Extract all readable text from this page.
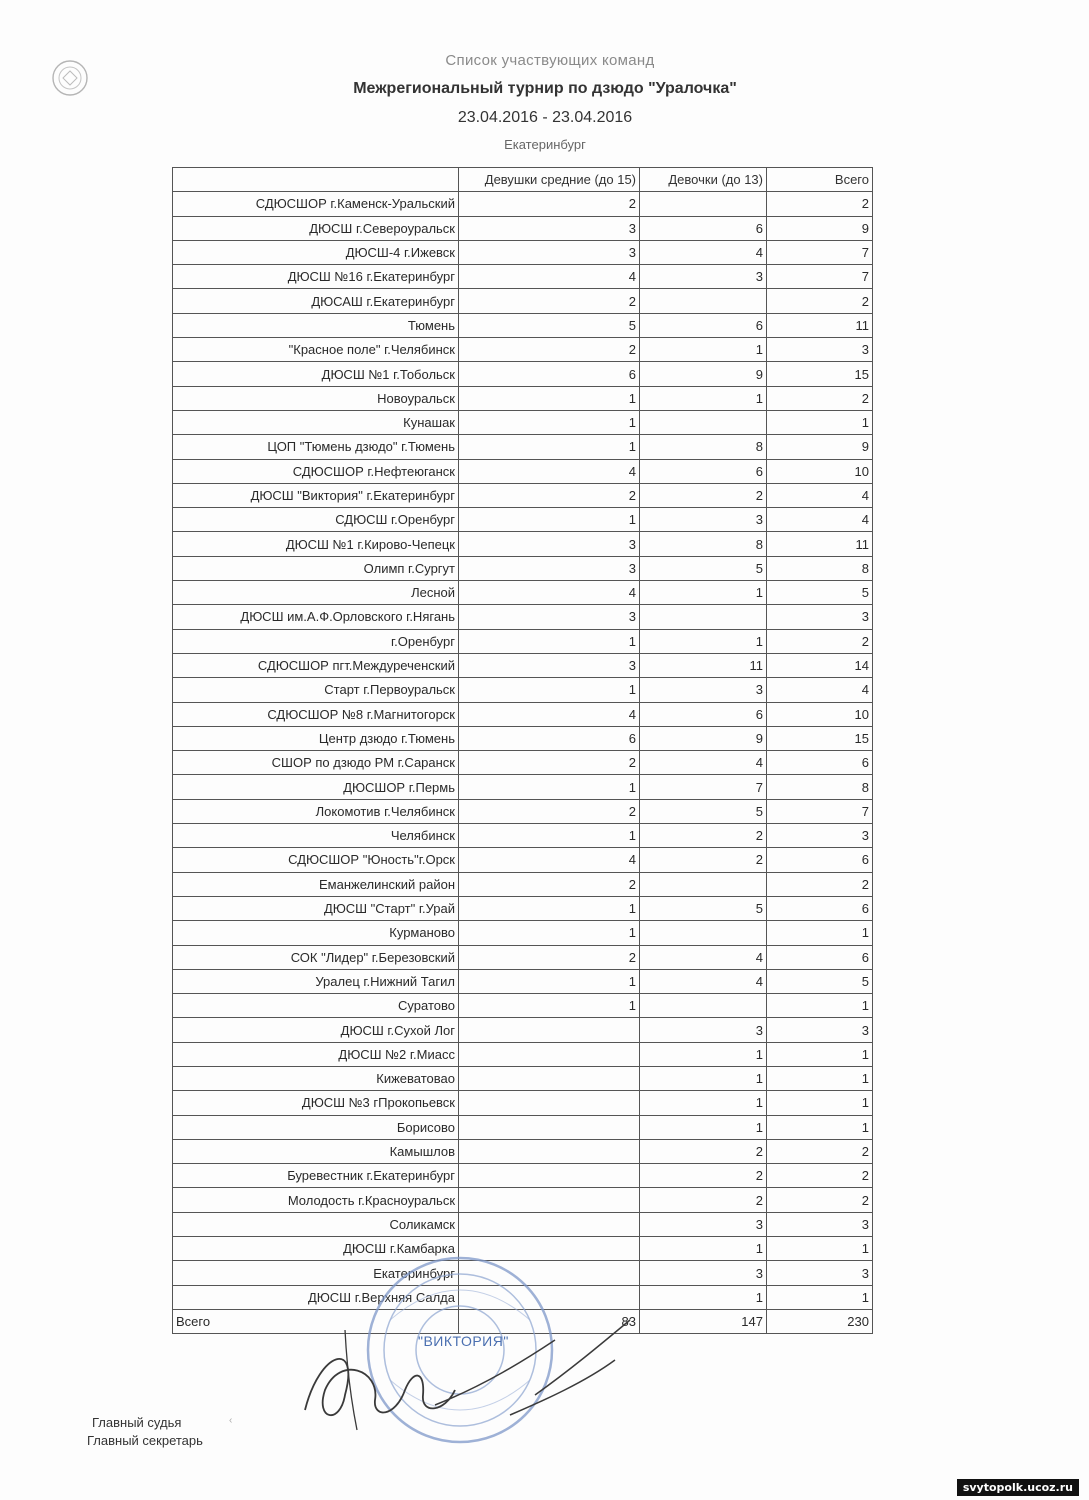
Список участвующих команд
Межрегиональный турнир по дзюдо "Уралочка"
23.04.2016 - 23.04.2016
Екатеринбург
	Девушки средние (до 15)	Девочки (до 13)	Всего
СДЮСШОР г.Каменск-Уральский	2		2
ДЮСШ г.Североуральск	3	6	9
ДЮСШ-4 г.Ижевск	3	4	7
ДЮСШ №16 г.Екатеринбург	4	3	7
ДЮСАШ г.Екатеринбург	2		2
Тюмень	5	6	11
"Красное поле" г.Челябинск	2	1	3
ДЮСШ №1 г.Тобольск	6	9	15
Новоуральск	1	1	2
Кунашак	1		1
ЦОП "Тюмень дзюдо" г.Тюмень	1	8	9
СДЮСШОР г.Нефтеюганск	4	6	10
ДЮСШ "Виктория" г.Екатеринбург	2	2	4
СДЮСШ г.Оренбург	1	3	4
ДЮСШ №1 г.Кирово-Чепецк	3	8	11
Олимп г.Сургут	3	5	8
Лесной	4	1	5
ДЮСШ им.А.Ф.Орловского г.Нягань	3		3
г.Оренбург	1	1	2
СДЮСШОР пгт.Междуреченский	3	11	14
Старт г.Первоуральск	1	3	4
СДЮСШОР №8 г.Магнитогорск	4	6	10
Центр дзюдо г.Тюмень	6	9	15
СШОР по дзюдо РМ г.Саранск	2	4	6
ДЮСШОР г.Пермь	1	7	8
Локомотив г.Челябинск	2	5	7
Челябинск	1	2	3
СДЮСШОР "Юность"г.Орск	4	2	6
Еманжелинский район	2		2
ДЮСШ "Старт" г.Урай	1	5	6
Курманово	1		1
СОК "Лидер" г.Березовский	2	4	6
Уралец г.Нижний Тагил	1	4	5
Суратово	1		1
ДЮСШ г.Сухой Лог		3	3
ДЮСШ №2 г.Миасс		1	1
Кижеватовао		1	1
ДЮСШ №3 гПрокопьевск		1	1
Борисово		1	1
Камышлов		2	2
Буревестник г.Екатеринбург		2	2
Молодость г.Красноуральск		2	2
Соликамск		3	3
ДЮСШ г.Камбарка		1	1
Екатеринбург		3	3
ДЮСШ г.Верхняя Салда		1	1
Всего	83	147	230
"ВИКТОРИЯ"
Главный судья
Главный секретарь
‹
svytopolk.ucoz.ru
